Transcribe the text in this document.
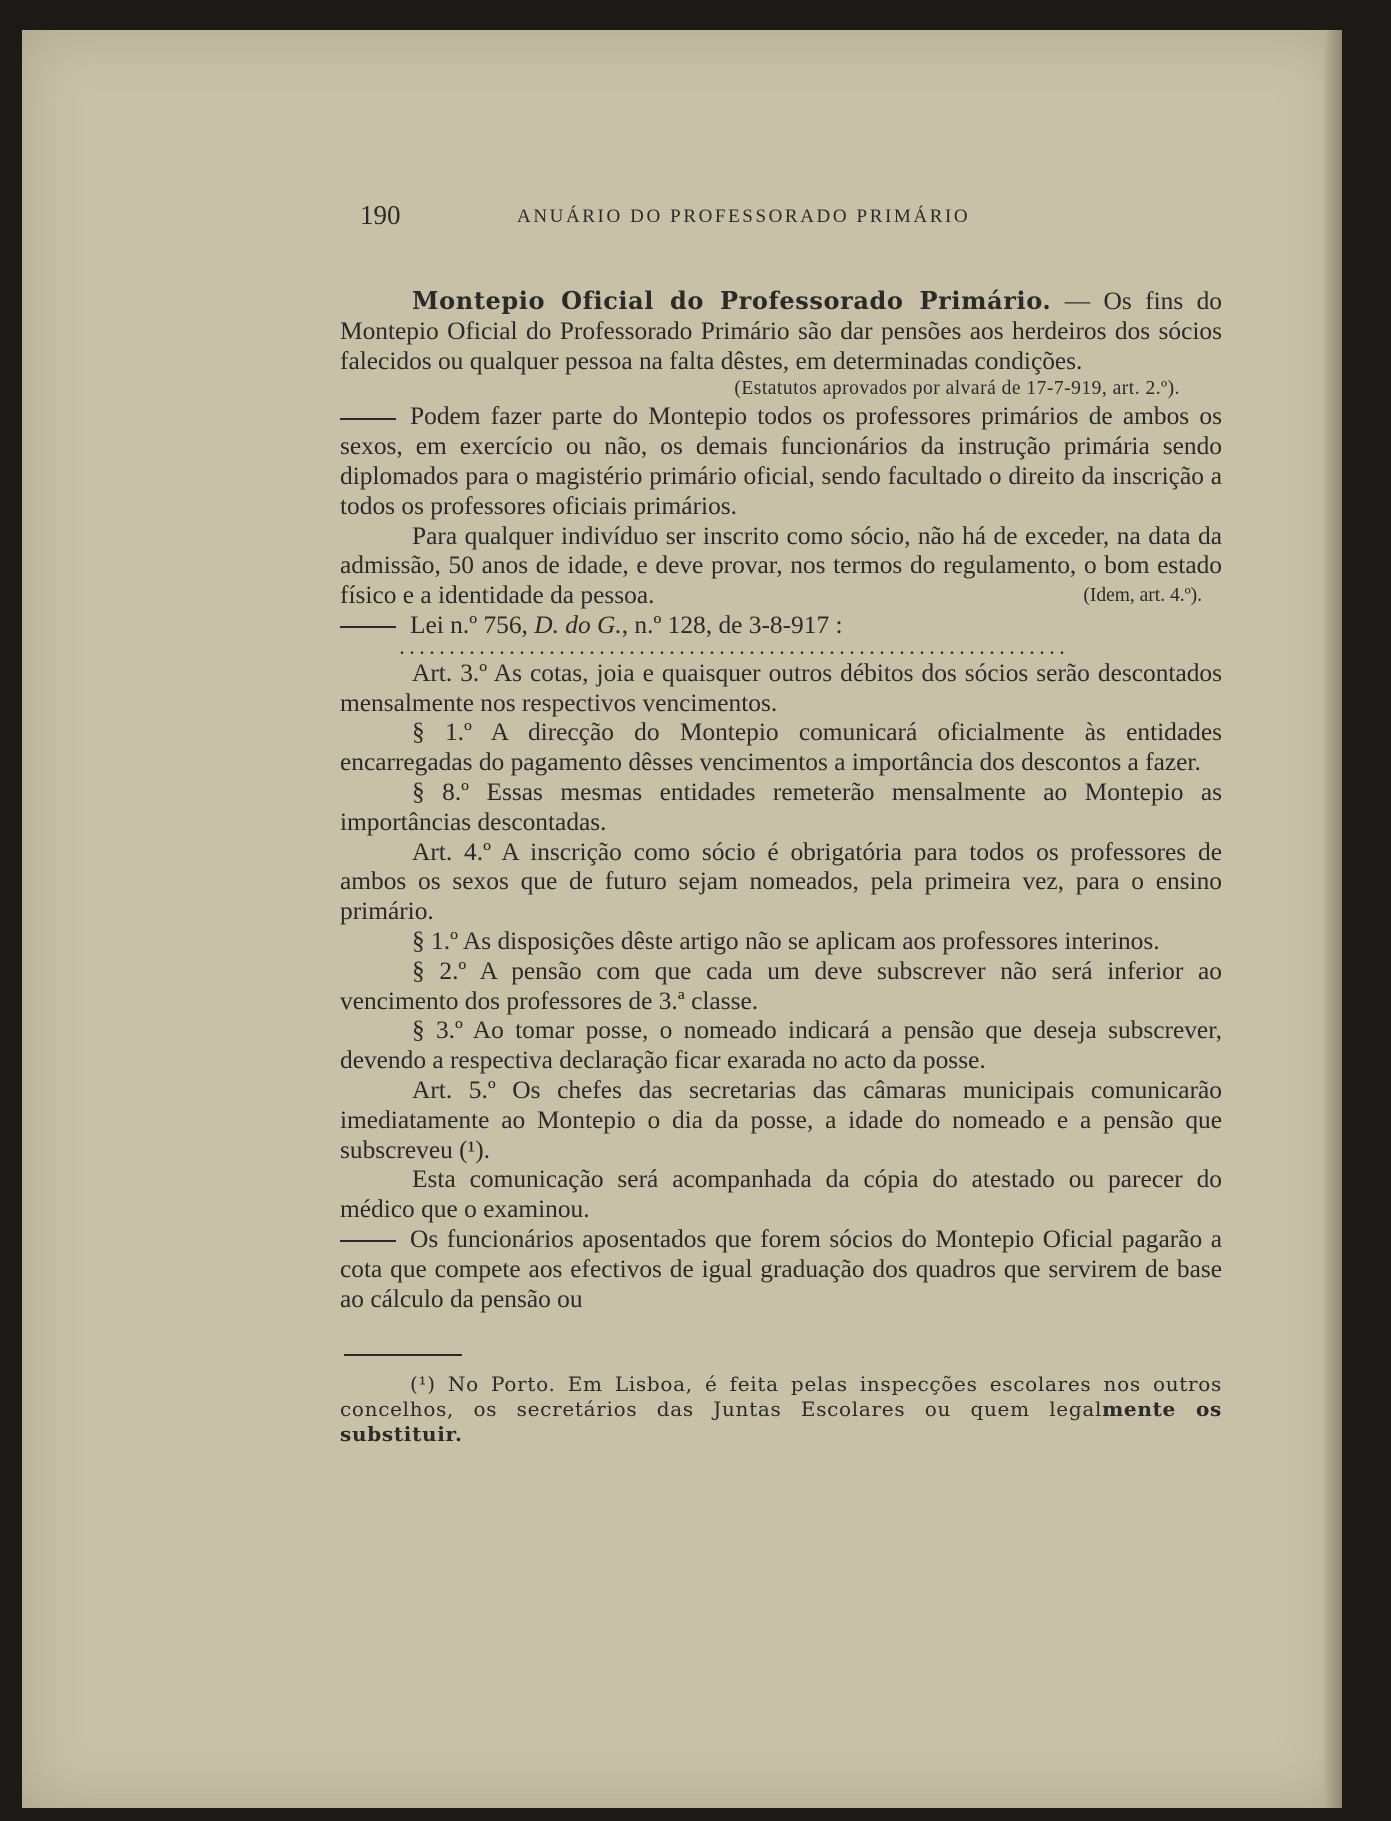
190	ANUÁRIO DO PROFESSORADO PRIMÁRIO

Montepio Oficial do Professorado Primário. — Os fins do Montepio Oficial do Professorado Primário são dar pensões aos herdeiros dos sócios falecidos ou qualquer pessoa na falta dêstes, em determinadas condições.

(Estatutos aprovados por alvará de 17-7-919, art. 2.º).

Podem fazer parte do Montepio todos os professores primários de ambos os sexos, em exercício ou não, os demais funcionários da instrução primária sendo diplomados para o magistério primário oficial, sendo facultado o direito da inscrição a todos os professores oficiais primários.

Para qualquer indivíduo ser inscrito como sócio, não há de exceder, na data da admissão, 50 anos de idade, e deve provar, nos termos do regulamento, o bom estado físico e a identidade da pessoa.	(Idem, art. 4.º).

Lei n.º 756, D. do G., n.º 128, de 3-8-917 :

...................................................................

Art. 3.º As cotas, joia e quaisquer outros débitos dos sócios serão descontados mensalmente nos respectivos vencimentos.

§ 1.º A direcção do Montepio comunicará oficialmente às entidades encarregadas do pagamento dêsses vencimentos a importância dos descontos a fazer.

§ 8.º Essas mesmas entidades remeterão mensalmente ao Montepio as importâncias descontadas.

Art. 4.º A inscrição como sócio é obrigatória para todos os professores de ambos os sexos que de futuro sejam nomeados, pela primeira vez, para o ensino primário.

§ 1.º As disposições dêste artigo não se aplicam aos professores interinos.

§ 2.º A pensão com que cada um deve subscrever não será inferior ao vencimento dos professores de 3.ª classe.

§ 3.º Ao tomar posse, o nomeado indicará a pensão que deseja subscrever, devendo a respectiva declaração ficar exarada no acto da posse.

Art. 5.º Os chefes das secretarias das câmaras municipais comunicarão imediatamente ao Montepio o dia da posse, a idade do nomeado e a pensão que subscreveu (¹).

Esta comunicação será acompanhada da cópia do atestado ou parecer do médico que o examinou.

Os funcionários aposentados que forem sócios do Montepio Oficial pagarão a cota que compete aos efectivos de igual graduação dos quadros que servirem de base ao cálculo da pensão ou

(¹) No Porto. Em Lisboa, é feita pelas inspecções escolares nos outros concelhos, os secretários das Juntas Escolares ou quem legalmente os substituir.
